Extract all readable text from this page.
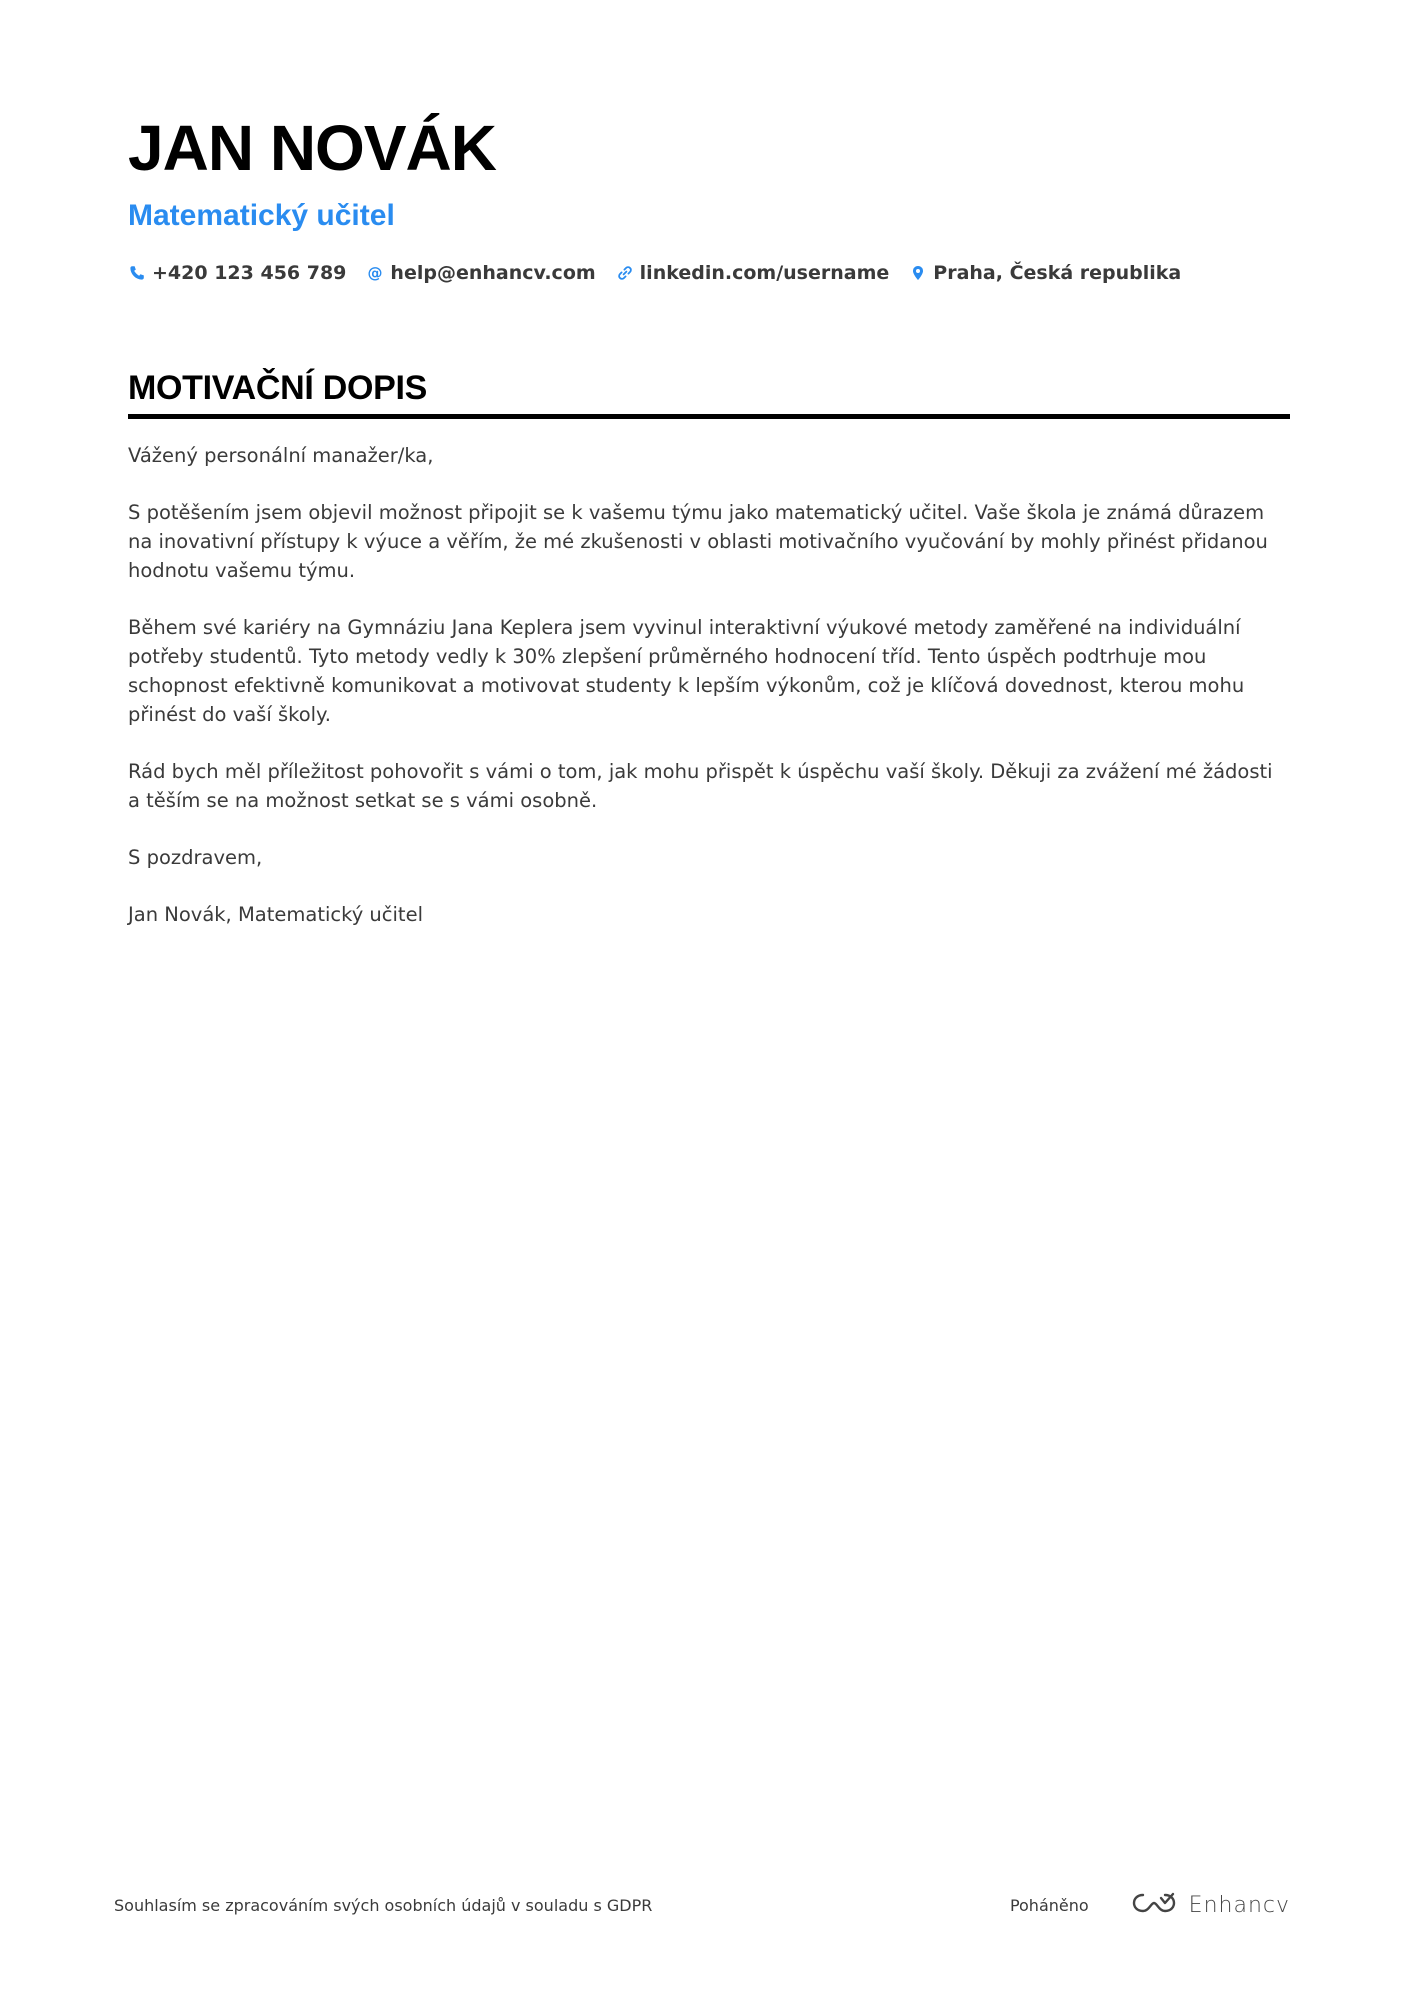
JAN NOVÁK
Matematický učitel
+420 123 456 789 @ help@enhancv.com linkedin.com/username Praha, Česká republika
MOTIVAČNÍ DOPIS

Vážený personální manažer/ka,

S potěšením jsem objevil možnost připojit se k vašemu týmu jako matematický učitel. Vaše škola je známá důrazem na inovativní přístupy k výuce a věřím, že mé zkušenosti v oblasti motivačního vyučování by mohly přinést přidanou hodnotu vašemu týmu.

Během své kariéry na Gymnáziu Jana Keplera jsem vyvinul interaktivní výukové metody zaměřené na individuální potřeby studentů. Tyto metody vedly k 30% zlepšení průměrného hodnocení tříd. Tento úspěch podtrhuje mou schopnost efektivně komunikovat a motivovat studenty k lepším výkonům, což je klíčová dovednost, kterou mohu přinést do vaší školy.

Rád bych měl příležitost pohovořit s vámi o tom, jak mohu přispět k úspěchu vaší školy. Děkuji za zvážení mé žádosti a těším se na možnost setkat se s vámi osobně.

S pozdravem,

Jan Novák, Matematický učitel

Souhlasím se zpracováním svých osobních údajů v souladu s GDPR	Poháněno	Enhancv
